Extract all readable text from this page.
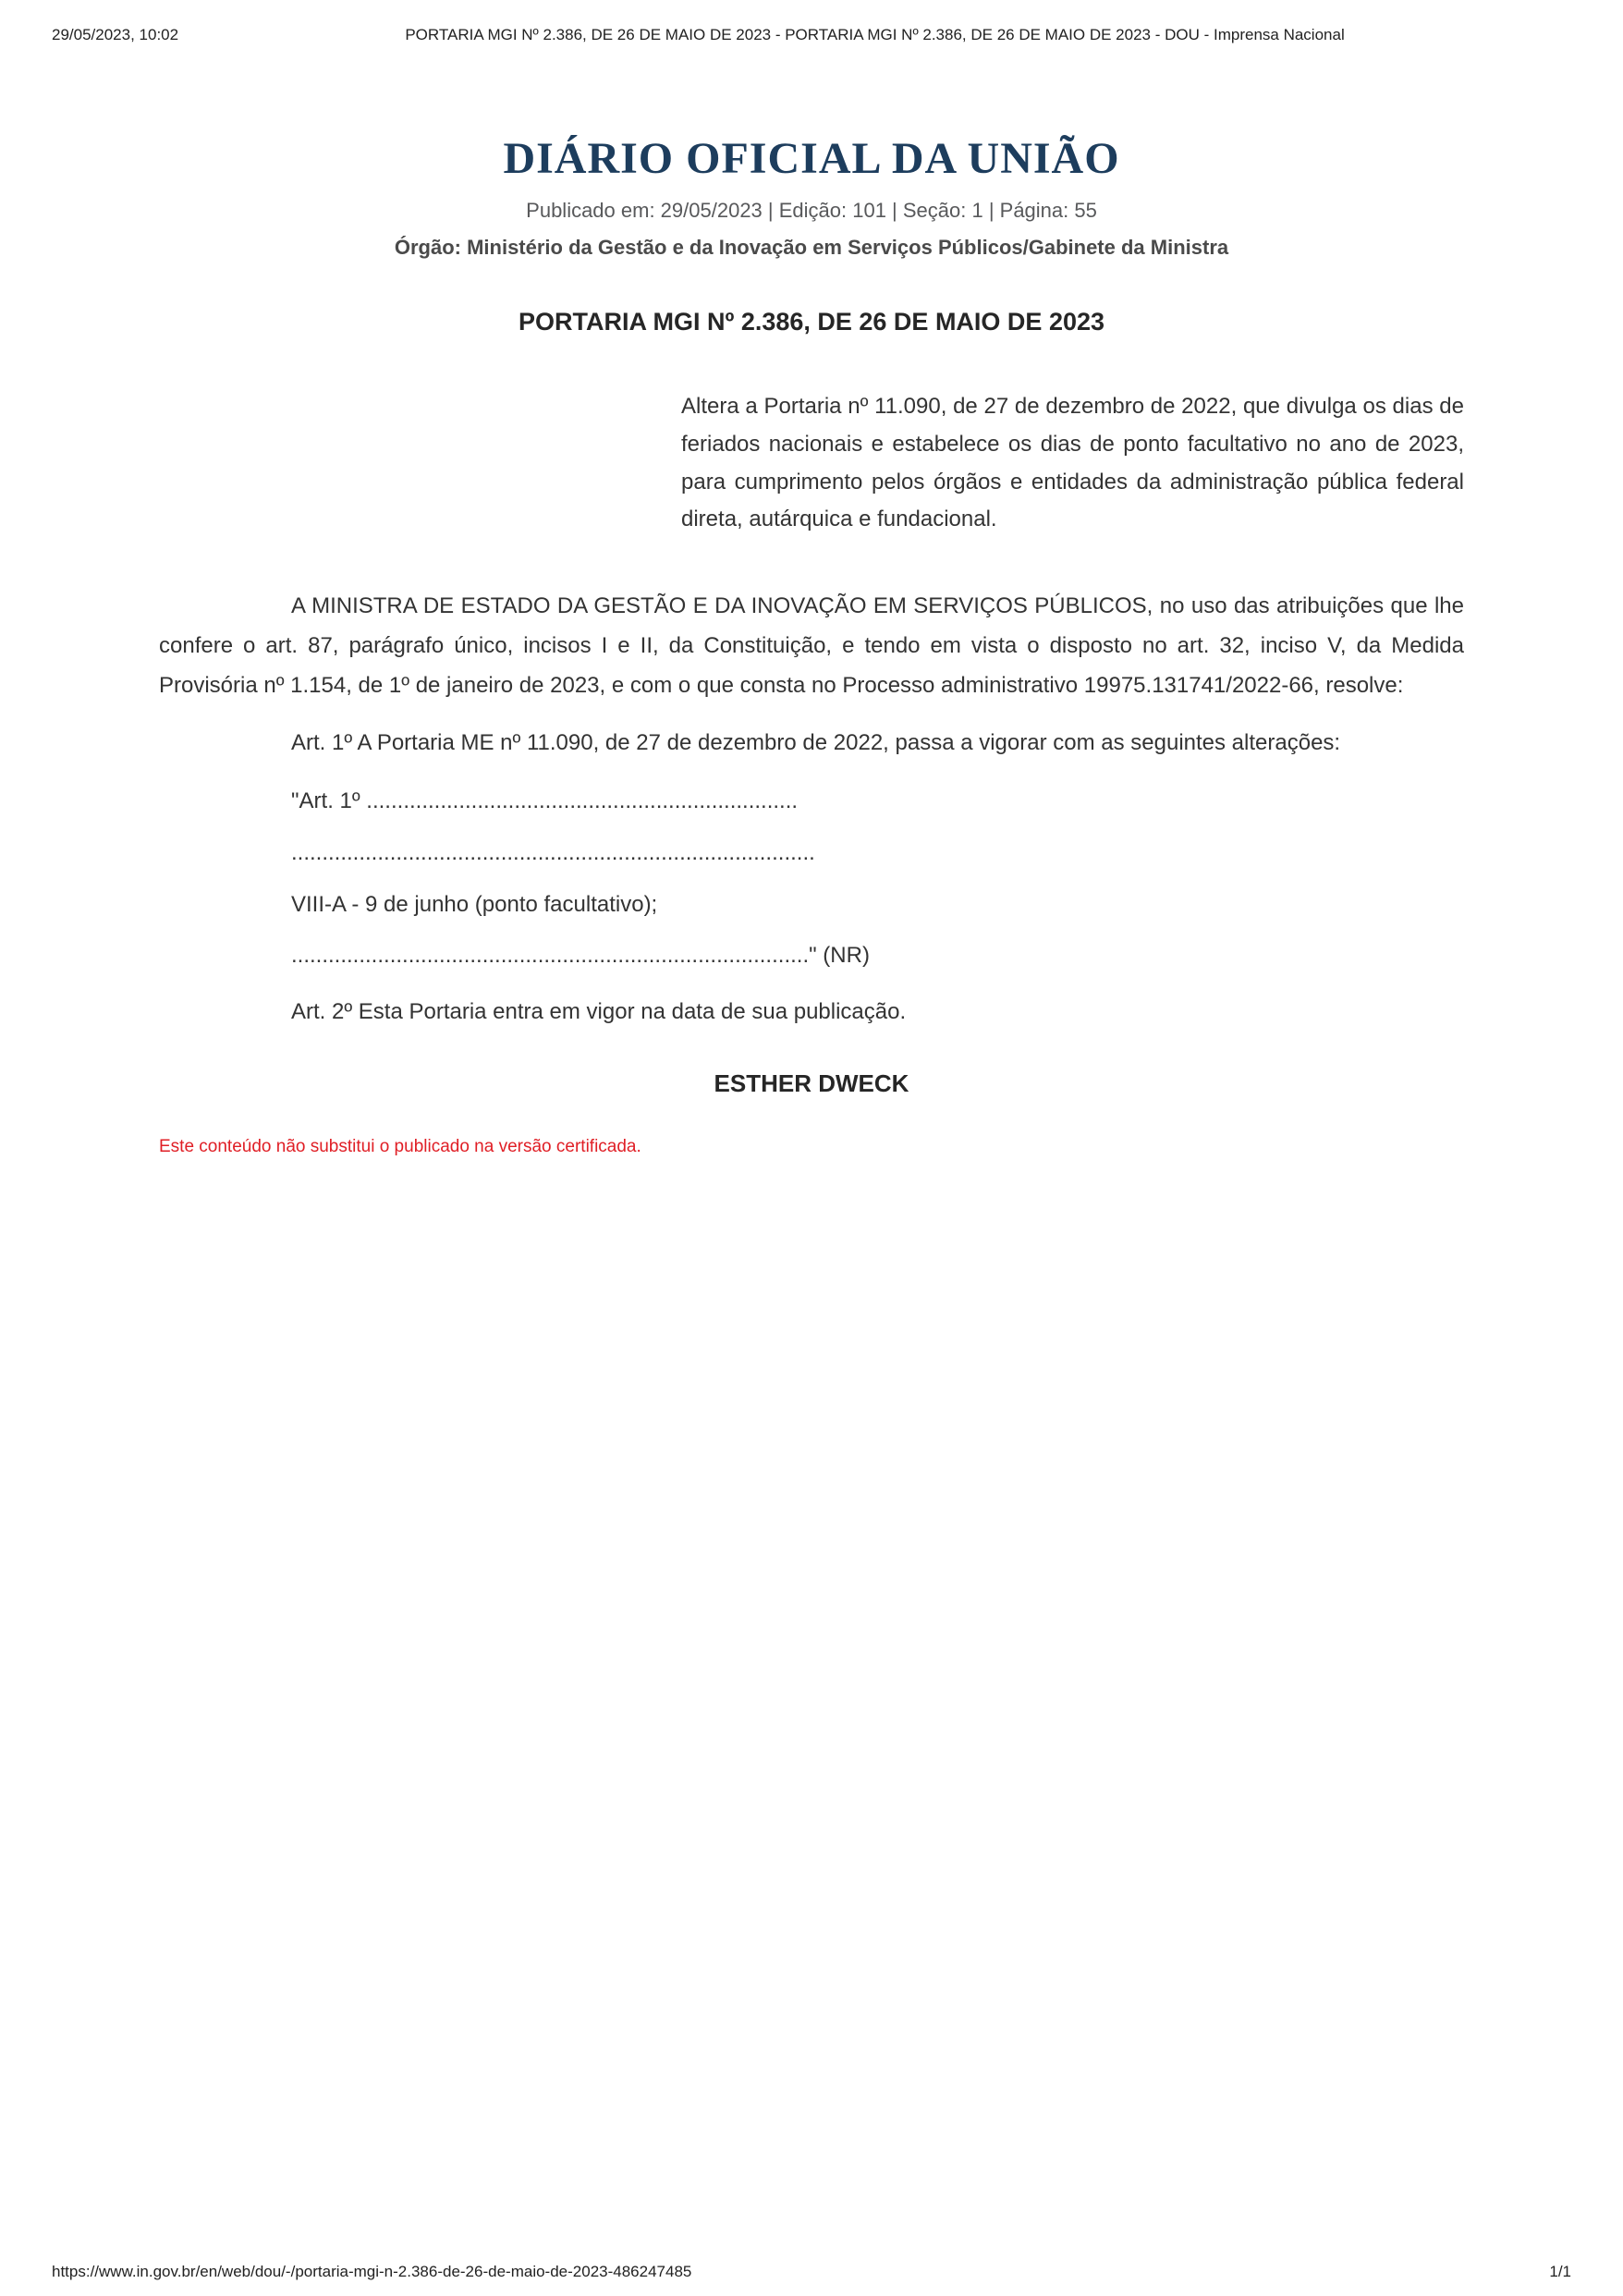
29/05/2023, 10:02	PORTARIA MGI Nº 2.386, DE 26 DE MAIO DE 2023 - PORTARIA MGI Nº 2.386, DE 26 DE MAIO DE 2023 - DOU - Imprensa Nacional
DIÁRIO OFICIAL DA UNIÃO
Publicado em: 29/05/2023 | Edição: 101 | Seção: 1 | Página: 55
Órgão: Ministério da Gestão e da Inovação em Serviços Públicos/Gabinete da Ministra
PORTARIA MGI Nº 2.386, DE 26 DE MAIO DE 2023

Altera a Portaria nº 11.090, de 27 de dezembro de 2022, que divulga os dias de feriados nacionais e estabelece os dias de ponto facultativo no ano de 2023, para cumprimento pelos órgãos e entidades da administração pública federal direta, autárquica e fundacional.

A MINISTRA DE ESTADO DA GESTÃO E DA INOVAÇÃO EM SERVIÇOS PÚBLICOS, no uso das atribuições que lhe confere o art. 87, parágrafo único, incisos I e II, da Constituição, e tendo em vista o disposto no art. 32, inciso V, da Medida Provisória nº 1.154, de 1º de janeiro de 2023, e com o que consta no Processo administrativo 19975.131741/2022-66, resolve:

Art. 1º A Portaria ME nº 11.090, de 27 de dezembro de 2022, passa a vigorar com as seguintes alterações:

"Art. 1º ......................................................................

.....................................................................................

VIII-A - 9 de junho (ponto facultativo);

...................................................................................." (NR)

Art. 2º Esta Portaria entra em vigor na data de sua publicação.

ESTHER DWECK
Este conteúdo não substitui o publicado na versão certificada.
https://www.in.gov.br/en/web/dou/-/portaria-mgi-n-2.386-de-26-de-maio-de-2023-486247485	1/1
